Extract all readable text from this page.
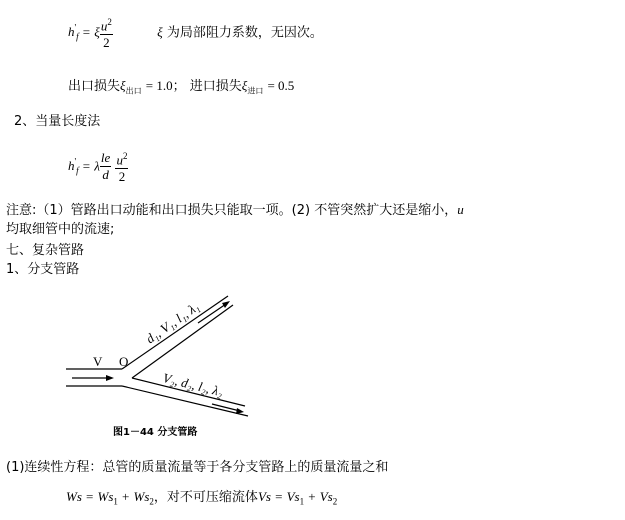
$h'_f = \xi \frac{u^2}{2}$	ξ 为局部阻力系数，无因次。
出口损失$\xi_{出口} = 1.0$； 进口损失$\xi_{进口} = 0.5$
2、当量长度法
$h'_f = \lambda \frac{le}{d}$
$\frac{u^2}{2}$
注意:（1）管路出口动能和出口损失只能取一项。(2) 不管突然扩大还是缩小，u
均取细管中的流速;
七、复杂管路
1、分支管路
V O
d₁, V₁, l₁, λ₁
V₂, d₂, l₂, λ₂
图1－44 分支管路
(1)连续性方程：总管的质量流量等于各分支管路上的质量流量之和
$Ws = Ws_1 + Ws_2$，对不可压缩流体$Vs = Vs_1 + Vs_2$
